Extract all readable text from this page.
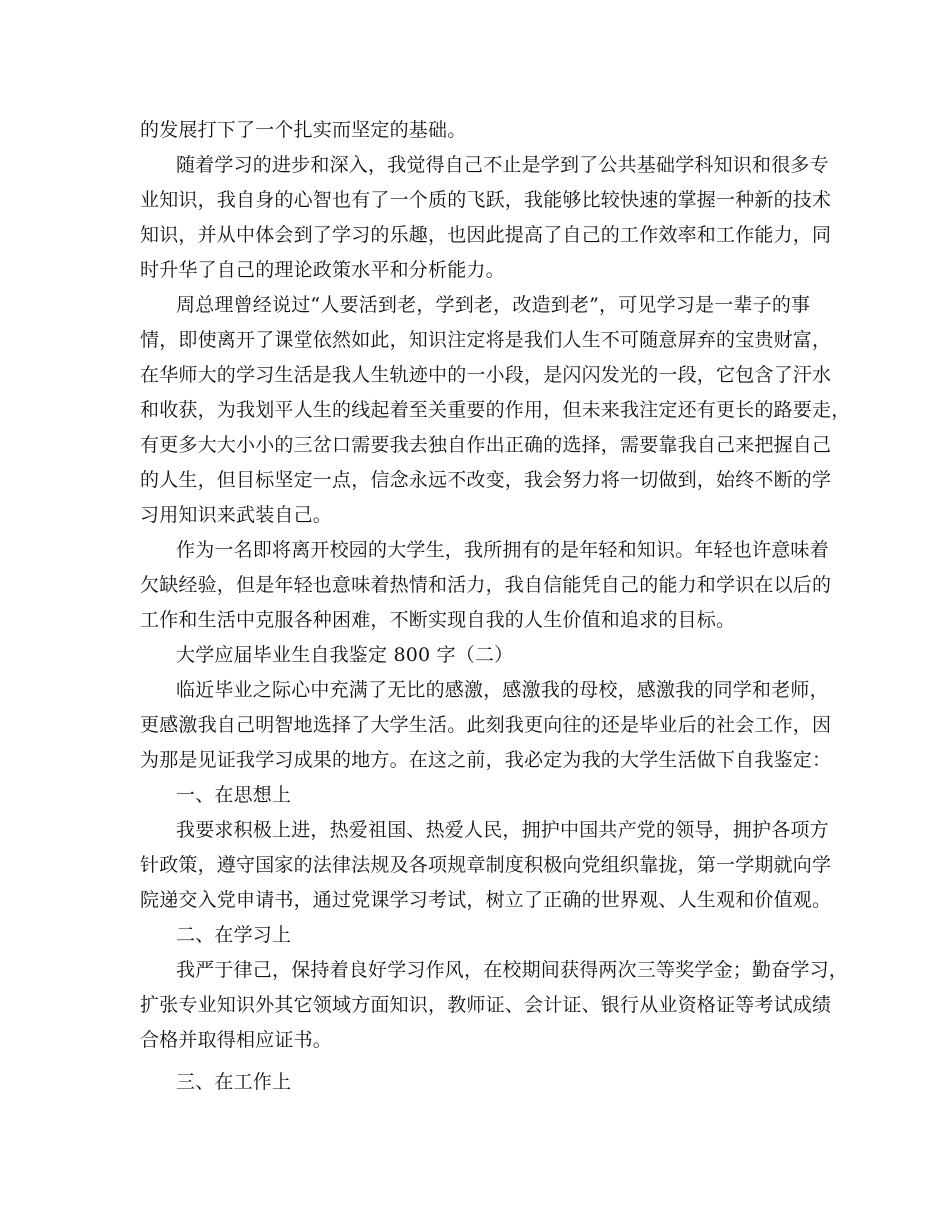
的发展打下了一个扎实而坚定的基础。
随着学习的进步和深入，我觉得自己不止是学到了公共基础学科知识和很多专
业知识，我自身的心智也有了一个质的飞跃，我能够比较快速的掌握一种新的技术
知识，并从中体会到了学习的乐趣，也因此提高了自己的工作效率和工作能力，同
时升华了自己的理论政策水平和分析能力。
周总理曾经说过“人要活到老，学到老，改造到老”，可见学习是一辈子的事
情，即使离开了课堂依然如此，知识注定将是我们人生不可随意屏弃的宝贵财富，
在华师大的学习生活是我人生轨迹中的一小段，是闪闪发光的一段，它包含了汗水
和收获，为我划平人生的线起着至关重要的作用，但未来我注定还有更长的路要走，
有更多大大小小的三岔口需要我去独自作出正确的选择，需要靠我自己来把握自己
的人生，但目标坚定一点，信念永远不改变，我会努力将一切做到，始终不断的学
习用知识来武装自己。
作为一名即将离开校园的大学生，我所拥有的是年轻和知识。年轻也许意味着
欠缺经验，但是年轻也意味着热情和活力，我自信能凭自己的能力和学识在以后的
工作和生活中克服各种困难，不断实现自我的人生价值和追求的目标。
大学应届毕业生自我鉴定 800 字（二）
临近毕业之际心中充满了无比的感激，感激我的母校，感激我的同学和老师，
更感激我自己明智地选择了大学生活。此刻我更向往的还是毕业后的社会工作，因
为那是见证我学习成果的地方。在这之前，我必定为我的大学生活做下自我鉴定：
一、在思想上
我要求积极上进，热爱祖国、热爱人民，拥护中国共产党的领导，拥护各项方
针政策，遵守国家的法律法规及各项规章制度积极向党组织靠拢，第一学期就向学
院递交入党申请书，通过党课学习考试，树立了正确的世界观、人生观和价值观。
二、在学习上
我严于律己，保持着良好学习作风，在校期间获得两次三等奖学金；勤奋学习，
扩张专业知识外其它领域方面知识，教师证、会计证、银行从业资格证等考试成绩
合格并取得相应证书。
三、在工作上
